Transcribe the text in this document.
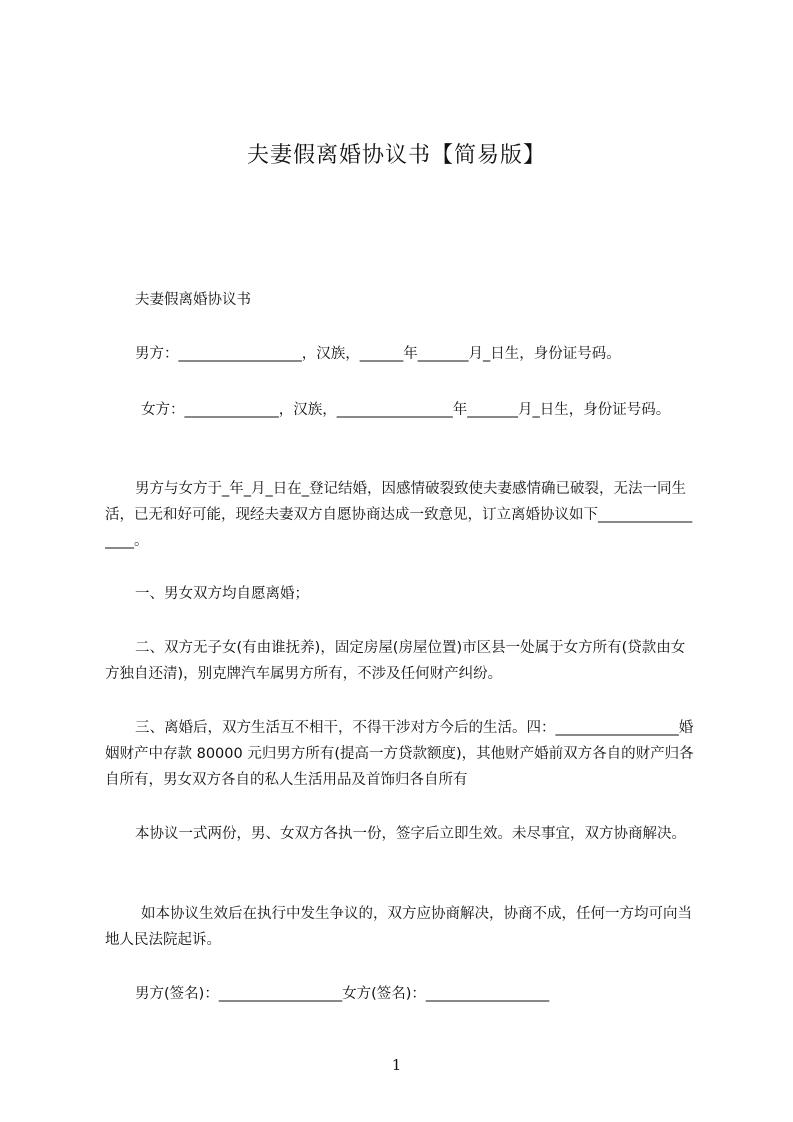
夫妻假离婚协议书【简易版】
夫妻假离婚协议书
男方：_________________，汉族，______年_______月_日生，身份证号码。
女方：_____________，汉族，________________年_______月_日生，身份证号码。
男方与女方于_年_月_日在_登记结婚，因感情破裂致使夫妻感情确已破裂，无法一同生活，已无和好可能，现经夫妻双方自愿协商达成一致意见，订立离婚协议如下_________________。
一、男女双方均自愿离婚；
二、双方无子女(有由谁抚养)，固定房屋(房屋位置)市区县一处属于女方所有(贷款由女方独自还清)，别克牌汽车属男方所有，不涉及任何财产纠纷。
三、离婚后，双方生活互不相干，不得干涉对方今后的生活。四：_________________婚姻财产中存款 80000 元归男方所有(提高一方贷款额度)，其他财产婚前双方各自的财产归各自所有，男女双方各自的私人生活用品及首饰归各自所有
本协议一式两份，男、女双方各执一份，签字后立即生效。未尽事宜，双方协商解决。
如本协议生效后在执行中发生争议的，双方应协商解决，协商不成，任何一方均可向当地人民法院起诉。
男方(签名)：_________________女方(签名)：_________________
1
